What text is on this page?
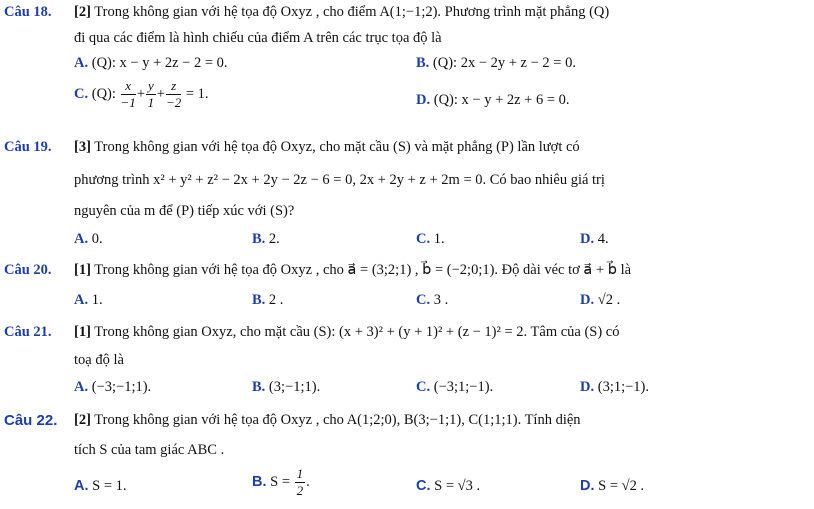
Câu 18. [2] Trong không gian với hệ tọa độ Oxyz , cho điểm A(1;−1;2). Phương trình mặt phẳng (Q)
đi qua các điểm là hình chiếu của điểm A trên các trục tọa độ là
A. (Q): x − y + 2z − 2 = 0.	B. (Q): 2x − 2y + z − 2 = 0.
C. (Q): $\frac{x}{-1} + \frac{y}{1} + \frac{z}{-2} = 1$.	D. (Q): x − y + 2z + 6 = 0.
Câu 19. [3] Trong không gian với hệ tọa độ Oxyz, cho mặt cầu (S) và mặt phẳng (P) lần lượt có
phương trình x² + y² + z² − 2x + 2y − 2z − 6 = 0, 2x + 2y + z + 2m = 0. Có bao nhiêu giá trị
nguyên của m để (P) tiếp xúc với (S)?
A. 0.	B. 2.	C. 1.	D. 4.
Câu 20. [1] Trong không gian với hệ tọa độ Oxyz , cho a⃗ = (3;2;1) , b⃗ = (−2;0;1). Độ dài véc tơ a⃗ + b⃗ là
A. 1.	B. 2 .	C. 3 .	D. √2 .
Câu 21. [1] Trong không gian Oxyz, cho mặt cầu (S): (x + 3)² + (y + 1)² + (z − 1)² = 2. Tâm của (S) có
toạ độ là
A. (−3;−1;1).	B. (3;−1;1).	C. (−3;1;−1).	D. (3;1;−1).
Câu 22. [2] Trong không gian với hệ tọa độ Oxyz , cho A(1;2;0), B(3;−1;1), C(1;1;1). Tính diện
tích S của tam giác ABC .
A. S = 1.	B. $S = \frac{1}{2}$ .	C. S = √3 .	D. S = √2 .
